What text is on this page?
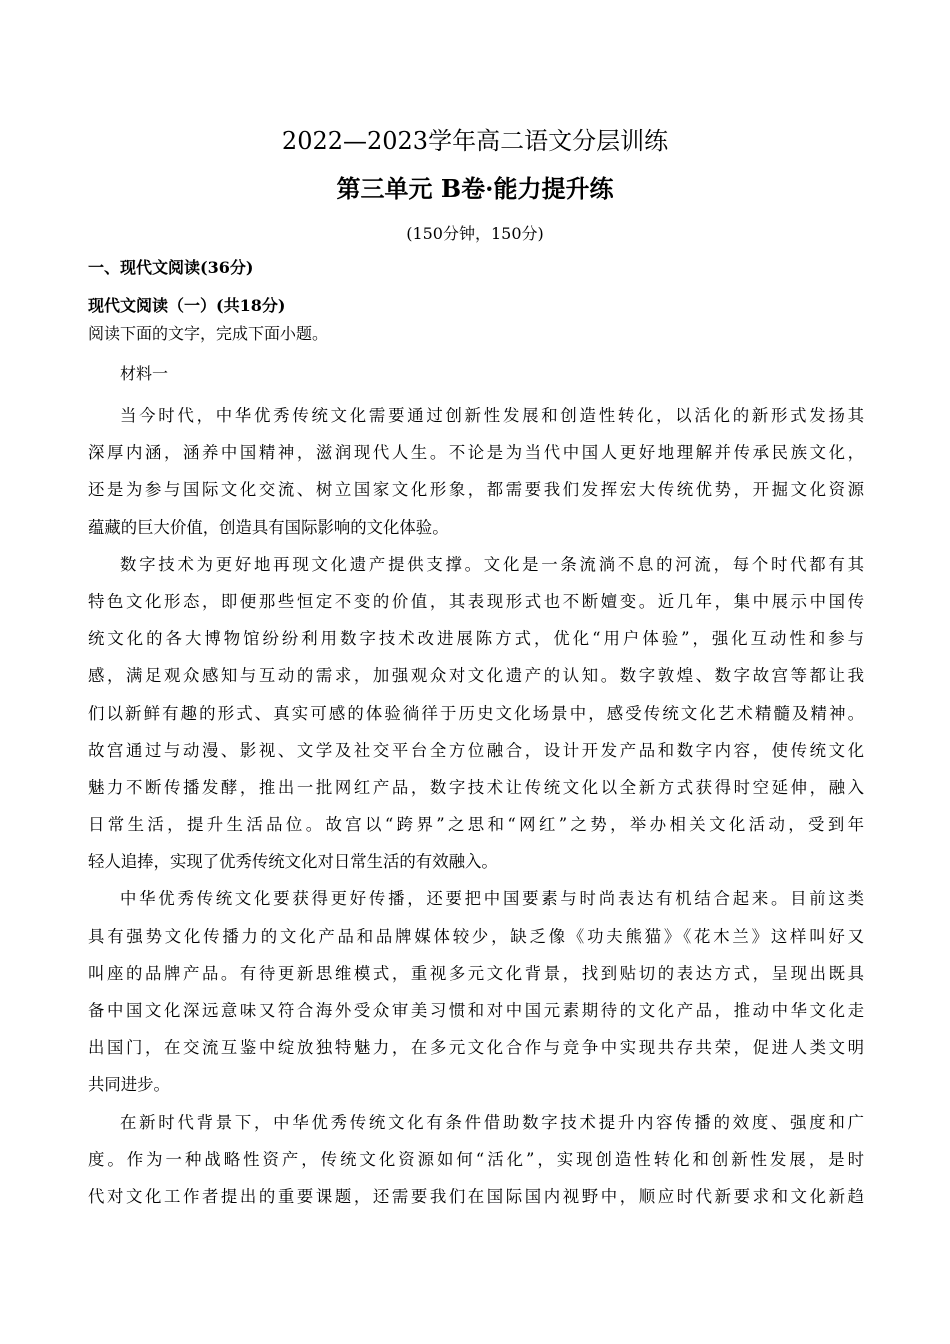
2022—2023学年高二语文分层训练
第三单元 B卷·能力提升练
(150分钟，150分)
一、现代文阅读(36分)
现代文阅读（一）(共18分)
阅读下面的文字，完成下面小题。
材料一
当今时代，中华优秀传统文化需要通过创新性发展和创造性转化，以活化的新形式发扬其
深厚内涵，涵养中国精神，滋润现代人生。不论是为当代中国人更好地理解并传承民族文化，
还是为参与国际文化交流、树立国家文化形象，都需要我们发挥宏大传统优势，开掘文化资源
蕴藏的巨大价值，创造具有国际影响的文化体验。
数字技术为更好地再现文化遗产提供支撑。文化是一条流淌不息的河流，每个时代都有其
特色文化形态，即便那些恒定不变的价值，其表现形式也不断嬗变。近几年，集中展示中国传
统文化的各大博物馆纷纷利用数字技术改进展陈方式，优化“用户体验”，强化互动性和参与
感，满足观众感知与互动的需求，加强观众对文化遗产的认知。数字敦煌、数字故宫等都让我
们以新鲜有趣的形式、真实可感的体验徜徉于历史文化场景中，感受传统文化艺术精髓及精神。
故宫通过与动漫、影视、文学及社交平台全方位融合，设计开发产品和数字内容，使传统文化
魅力不断传播发酵，推出一批网红产品，数字技术让传统文化以全新方式获得时空延伸，融入
日常生活，提升生活品位。故宫以“跨界”之思和“网红”之势，举办相关文化活动，受到年
轻人追捧，实现了优秀传统文化对日常生活的有效融入。
中华优秀传统文化要获得更好传播，还要把中国要素与时尚表达有机结合起来。目前这类
具有强势文化传播力的文化产品和品牌媒体较少，缺乏像《功夫熊猫》《花木兰》这样叫好又
叫座的品牌产品。有待更新思维模式，重视多元文化背景，找到贴切的表达方式，呈现出既具
备中国文化深远意味又符合海外受众审美习惯和对中国元素期待的文化产品，推动中华文化走
出国门，在交流互鉴中绽放独特魅力，在多元文化合作与竞争中实现共存共荣，促进人类文明
共同进步。
在新时代背景下，中华优秀传统文化有条件借助数字技术提升内容传播的效度、强度和广
度。作为一种战略性资产，传统文化资源如何“活化”，实现创造性转化和创新性发展，是时
代对文化工作者提出的重要课题，还需要我们在国际国内视野中，顺应时代新要求和文化新趋
